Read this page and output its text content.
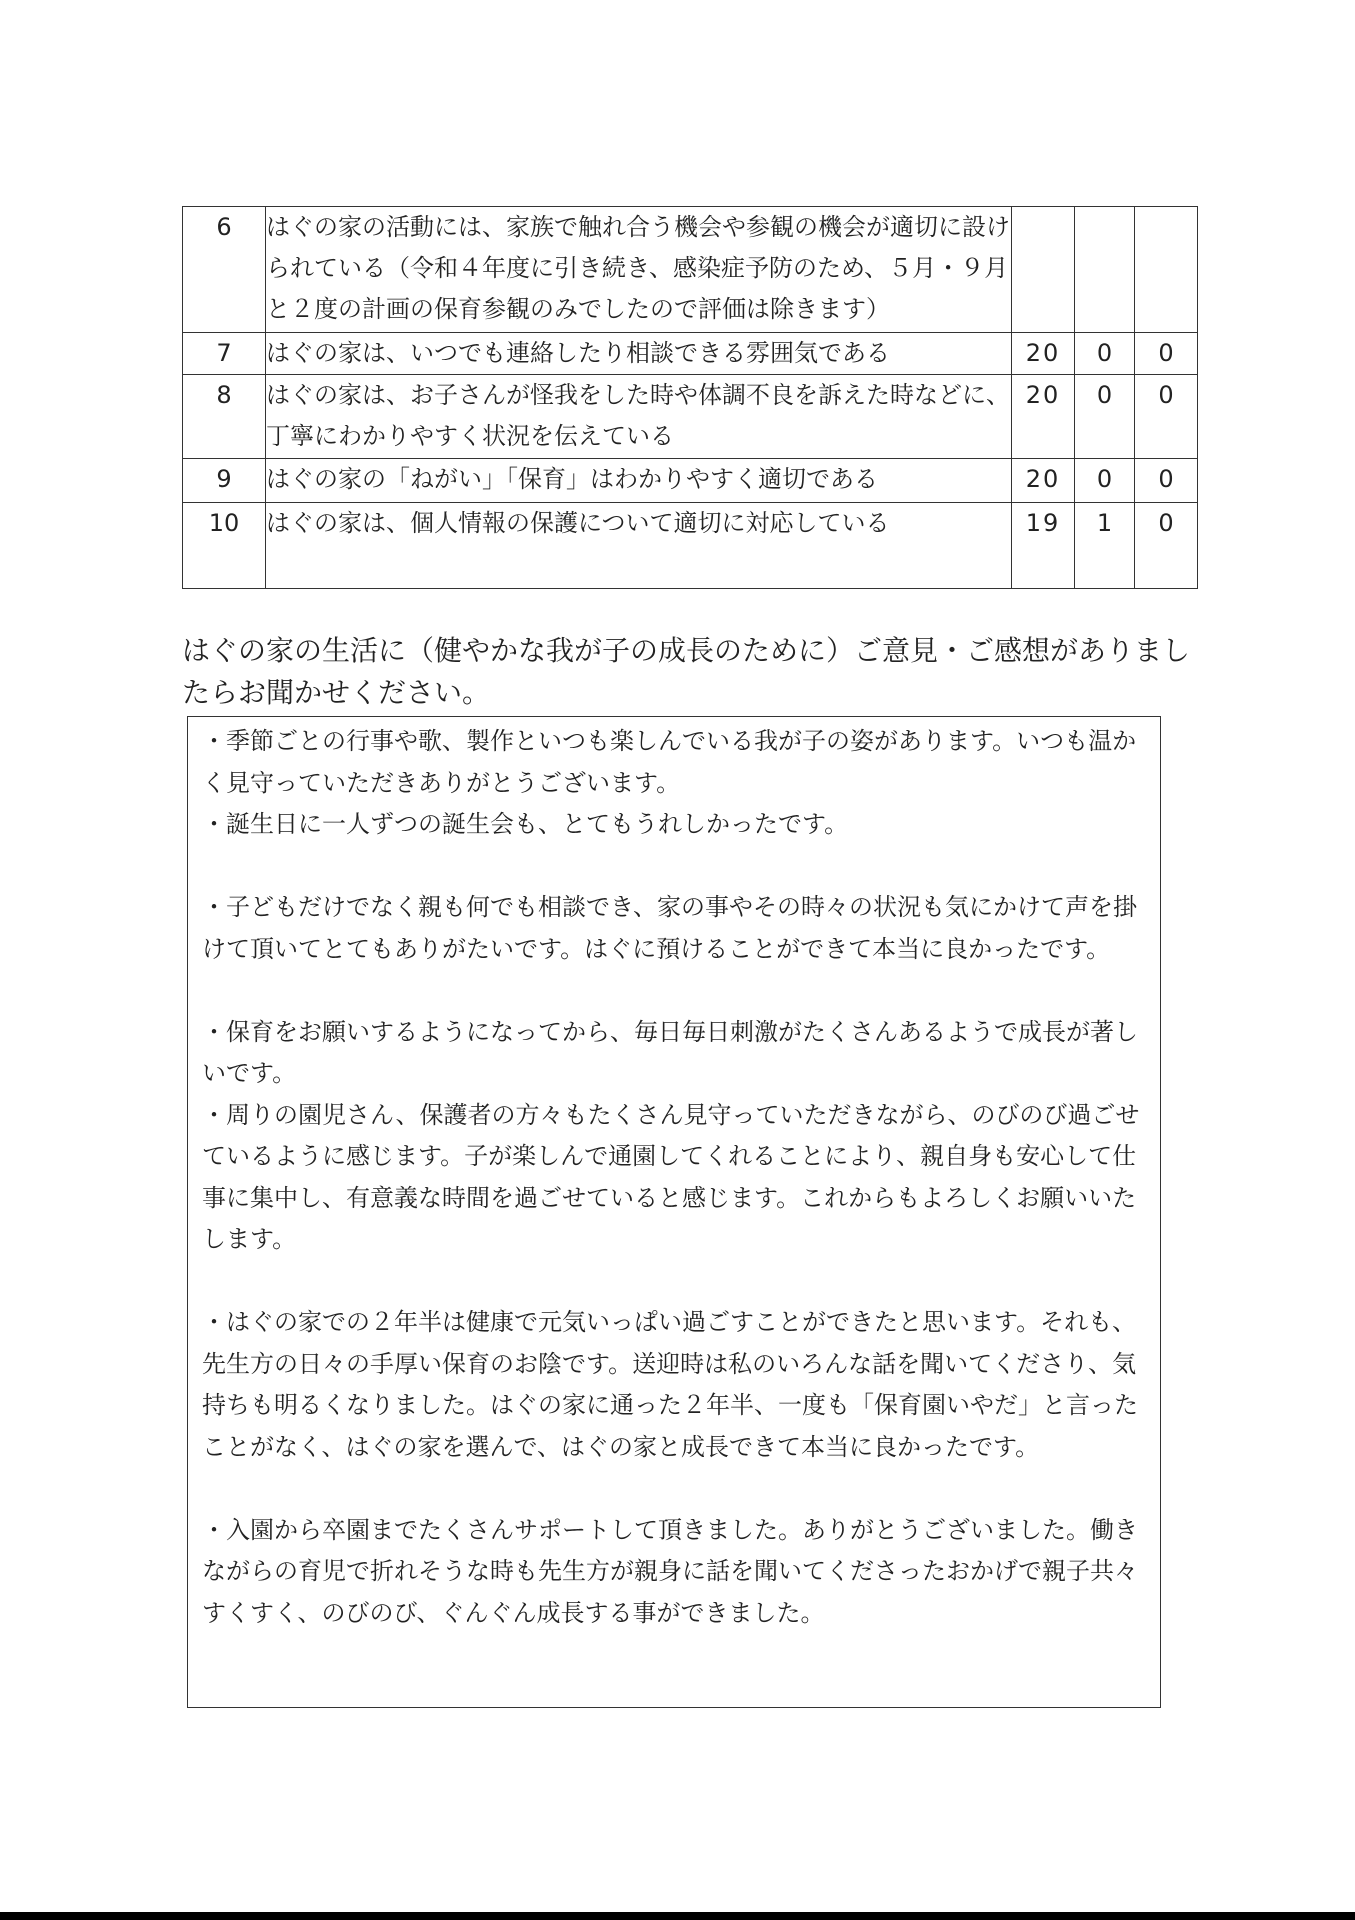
6	はぐの家の活動には、家族で触れ合う機会や参観の機会が適切に設けられている（令和４年度に引き続き、感染症予防のため、５月・９月と２度の計画の保育参観のみでしたので評価は除きます）			
7	はぐの家は、いつでも連絡したり相談できる雰囲気である	20	0	0
8	はぐの家は、お子さんが怪我をした時や体調不良を訴えた時などに、丁寧にわかりやすく状況を伝えている	20	0	0
9	はぐの家の「ねがい」「保育」はわかりやすく適切である	20	0	0
10	はぐの家は、個人情報の保護について適切に対応している	19	1	0

はぐの家の生活に（健やかな我が子の成長のために）ご意見・ご感想がありましたらお聞かせください。

・季節ごとの行事や歌、製作といつも楽しんでいる我が子の姿があります。いつも温かく見守っていただきありがとうございます。

・誕生日に一人ずつの誕生会も、とてもうれしかったです。

・子どもだけでなく親も何でも相談でき、家の事やその時々の状況も気にかけて声を掛けて頂いてとてもありがたいです。はぐに預けることができて本当に良かったです。

・保育をお願いするようになってから、毎日毎日刺激がたくさんあるようで成長が著しいです。

・周りの園児さん、保護者の方々もたくさん見守っていただきながら、のびのび過ごせているように感じます。子が楽しんで通園してくれることにより、親自身も安心して仕事に集中し、有意義な時間を過ごせていると感じます。これからもよろしくお願いいたします。

・はぐの家での２年半は健康で元気いっぱい過ごすことができたと思います。それも、先生方の日々の手厚い保育のお陰です。送迎時は私のいろんな話を聞いてくださり、気持ちも明るくなりました。はぐの家に通った２年半、一度も「保育園いやだ」と言ったことがなく、はぐの家を選んで、はぐの家と成長できて本当に良かったです。

・入園から卒園までたくさんサポートして頂きました。ありがとうございました。働きながらの育児で折れそうな時も先生方が親身に話を聞いてくださったおかげで親子共々すくすく、のびのび、ぐんぐん成長する事ができました。
